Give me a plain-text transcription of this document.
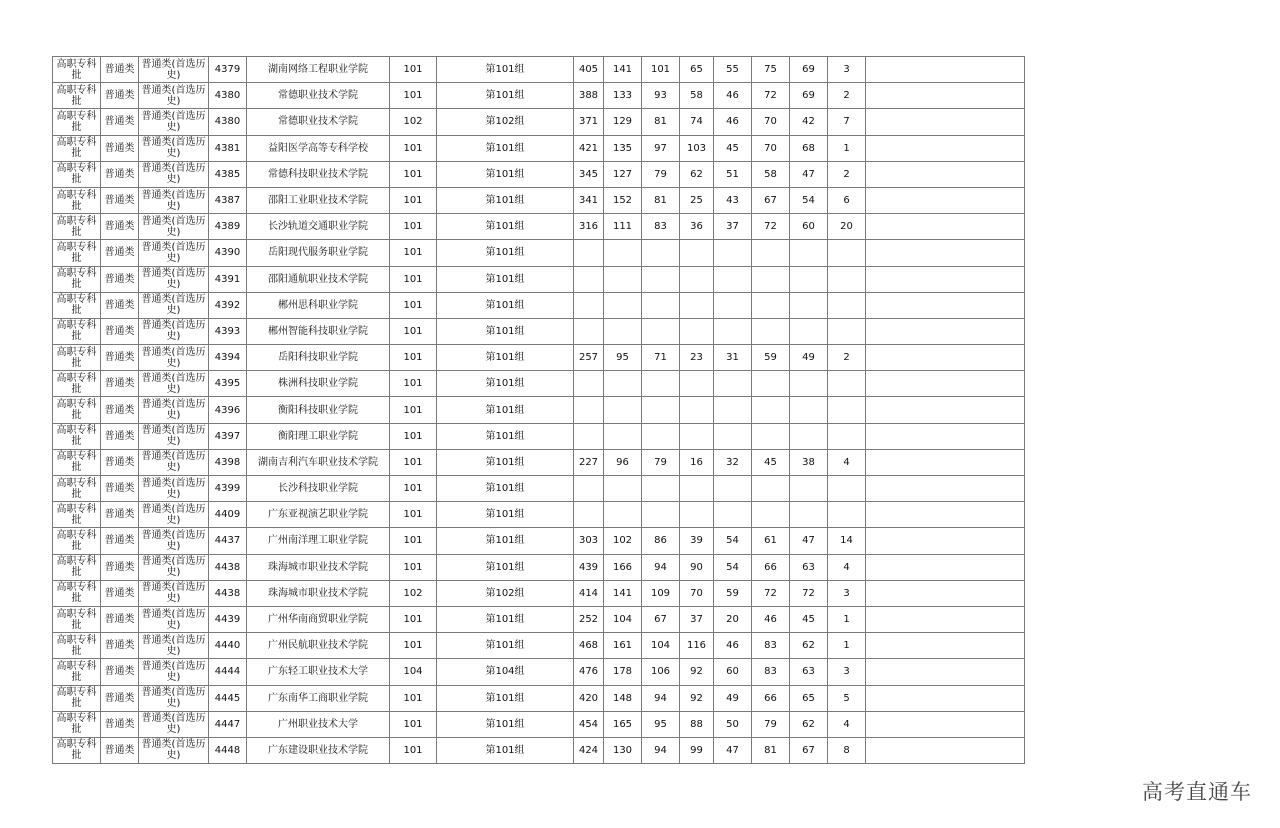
高职专科批	普通类	普通类(首选历史)	4379	湖南网络工程职业学院	101	第101组	405	141	101	65	55	75	69	3	
高职专科批	普通类	普通类(首选历史)	4380	常德职业技术学院	101	第101组	388	133	93	58	46	72	69	2	
高职专科批	普通类	普通类(首选历史)	4380	常德职业技术学院	102	第102组	371	129	81	74	46	70	42	7	
高职专科批	普通类	普通类(首选历史)	4381	益阳医学高等专科学校	101	第101组	421	135	97	103	45	70	68	1	
高职专科批	普通类	普通类(首选历史)	4385	常德科技职业技术学院	101	第101组	345	127	79	62	51	58	47	2	
高职专科批	普通类	普通类(首选历史)	4387	邵阳工业职业技术学院	101	第101组	341	152	81	25	43	67	54	6	
高职专科批	普通类	普通类(首选历史)	4389	长沙轨道交通职业学院	101	第101组	316	111	83	36	37	72	60	20	
高职专科批	普通类	普通类(首选历史)	4390	岳阳现代服务职业学院	101	第101组									
高职专科批	普通类	普通类(首选历史)	4391	邵阳通航职业技术学院	101	第101组									
高职专科批	普通类	普通类(首选历史)	4392	郴州思科职业学院	101	第101组									
高职专科批	普通类	普通类(首选历史)	4393	郴州智能科技职业学院	101	第101组									
高职专科批	普通类	普通类(首选历史)	4394	岳阳科技职业学院	101	第101组	257	95	71	23	31	59	49	2	
高职专科批	普通类	普通类(首选历史)	4395	株洲科技职业学院	101	第101组									
高职专科批	普通类	普通类(首选历史)	4396	衡阳科技职业学院	101	第101组									
高职专科批	普通类	普通类(首选历史)	4397	衡阳理工职业学院	101	第101组									
高职专科批	普通类	普通类(首选历史)	4398	湖南吉利汽车职业技术学院	101	第101组	227	96	79	16	32	45	38	4	
高职专科批	普通类	普通类(首选历史)	4399	长沙科技职业学院	101	第101组									
高职专科批	普通类	普通类(首选历史)	4409	广东亚视演艺职业学院	101	第101组									
高职专科批	普通类	普通类(首选历史)	4437	广州南洋理工职业学院	101	第101组	303	102	86	39	54	61	47	14	
高职专科批	普通类	普通类(首选历史)	4438	珠海城市职业技术学院	101	第101组	439	166	94	90	54	66	63	4	
高职专科批	普通类	普通类(首选历史)	4438	珠海城市职业技术学院	102	第102组	414	141	109	70	59	72	72	3	
高职专科批	普通类	普通类(首选历史)	4439	广州华南商贸职业学院	101	第101组	252	104	67	37	20	46	45	1	
高职专科批	普通类	普通类(首选历史)	4440	广州民航职业技术学院	101	第101组	468	161	104	116	46	83	62	1	
高职专科批	普通类	普通类(首选历史)	4444	广东轻工职业技术大学	104	第104组	476	178	106	92	60	83	63	3	
高职专科批	普通类	普通类(首选历史)	4445	广东南华工商职业学院	101	第101组	420	148	94	92	49	66	65	5	
高职专科批	普通类	普通类(首选历史)	4447	广州职业技术大学	101	第101组	454	165	95	88	50	79	62	4	
高职专科批	普通类	普通类(首选历史)	4448	广东建设职业技术学院	101	第101组	424	130	94	99	47	81	67	8	
高考直通车
